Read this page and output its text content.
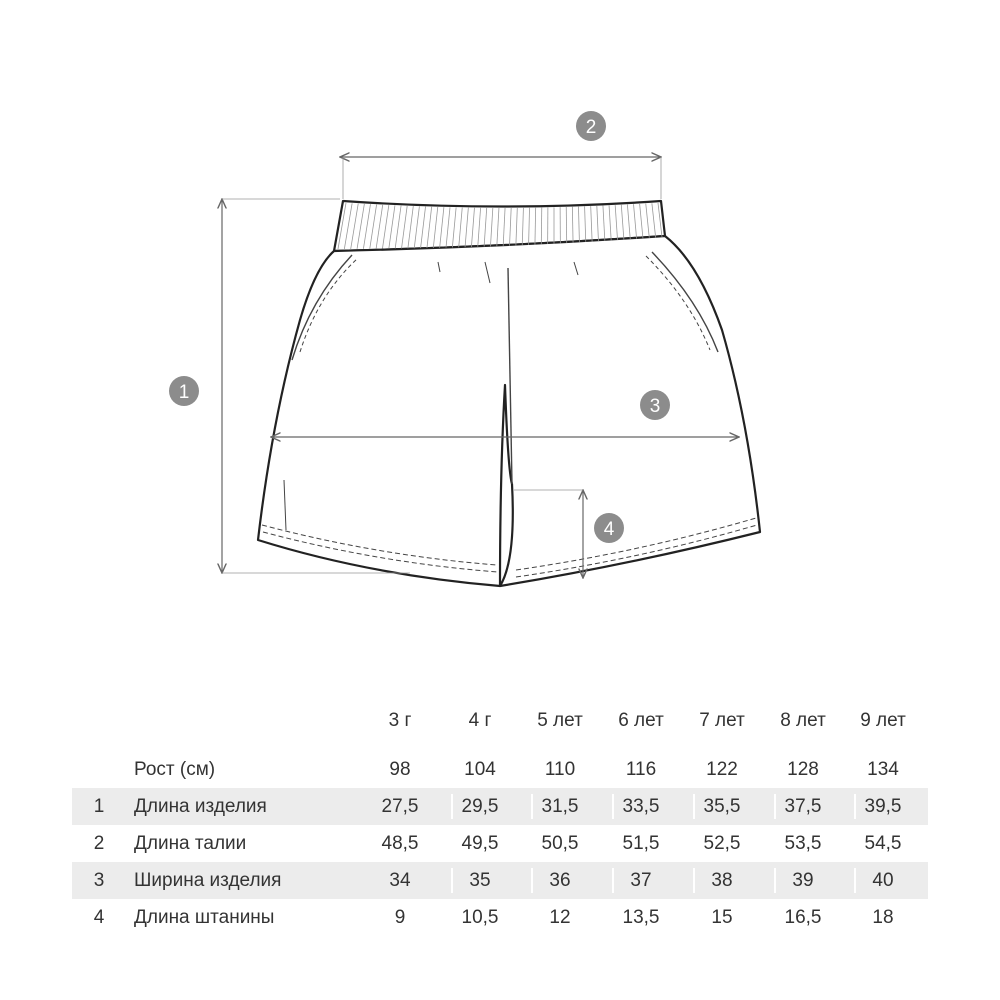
1
2
3
4
3 г	4 г	5 лет	6 лет	7 лет	8 лет	9 лет
Рост (см)	98	104	110	116	122	128	134
1 Длина изделия	27,5	29,5	31,5	33,5	35,5	37,5	39,5
2 Длина талии	48,5	49,5	50,5	51,5	52,5	53,5	54,5
3 Ширина изделия	34	35	36	37	38	39	40
4 Длина штанины	9	10,5	12	13,5	15	16,5	18
